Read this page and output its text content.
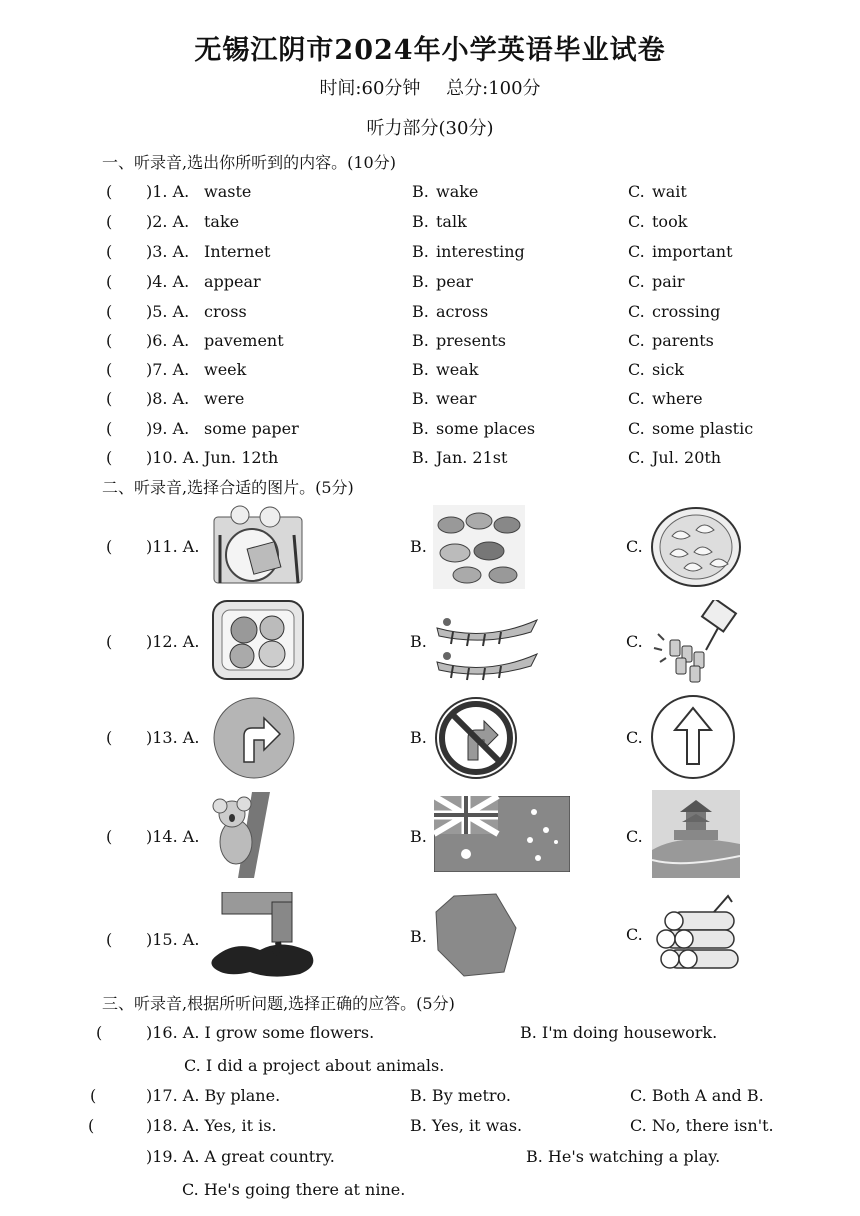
无锡江阴市2024年小学英语毕业试卷
时间:60分钟 总分:100分
听力部分(30分)
一、听录音,选出你所听到的内容。(10分)
( )1. A. waste	B. wake	C. wait
( )2. A. take	B. talk	C. took
( )3. A. Internet	B. interesting	C. important
( )4. A. appear	B. pear	C. pair
( )5. A. cross	B. across	C. crossing
( )6. A. pavement	B. presents	C. parents
( )7. A. week	B. weak	C. sick
( )8. A. were	B. wear	C. where
( )9. A. some paper	B. some places	C. some plastic
( )10. A. Jun. 12th	B. Jan. 21st	C. Jul. 20th
二、听录音,选择合适的图片。(5分)
( )11. A.	B.	C.
( )12. A.	B.	C.
( )13. A.	B.	C.
( )14. A.	B.	C.
( )15. A.	B.	C.
三、听录音,根据所听问题,选择正确的应答。(5分)
(	)16. A. I grow some flowers.	B. I'm doing housework.
C. I did a project about animals.
(	)17. A. By plane.	B. By metro.	C. Both A and B.
(	)18. A. Yes, it is.	B. Yes, it was.	C. No, there isn't.
)19. A. A great country.	B. He's watching a play.
C. He's going there at nine.
